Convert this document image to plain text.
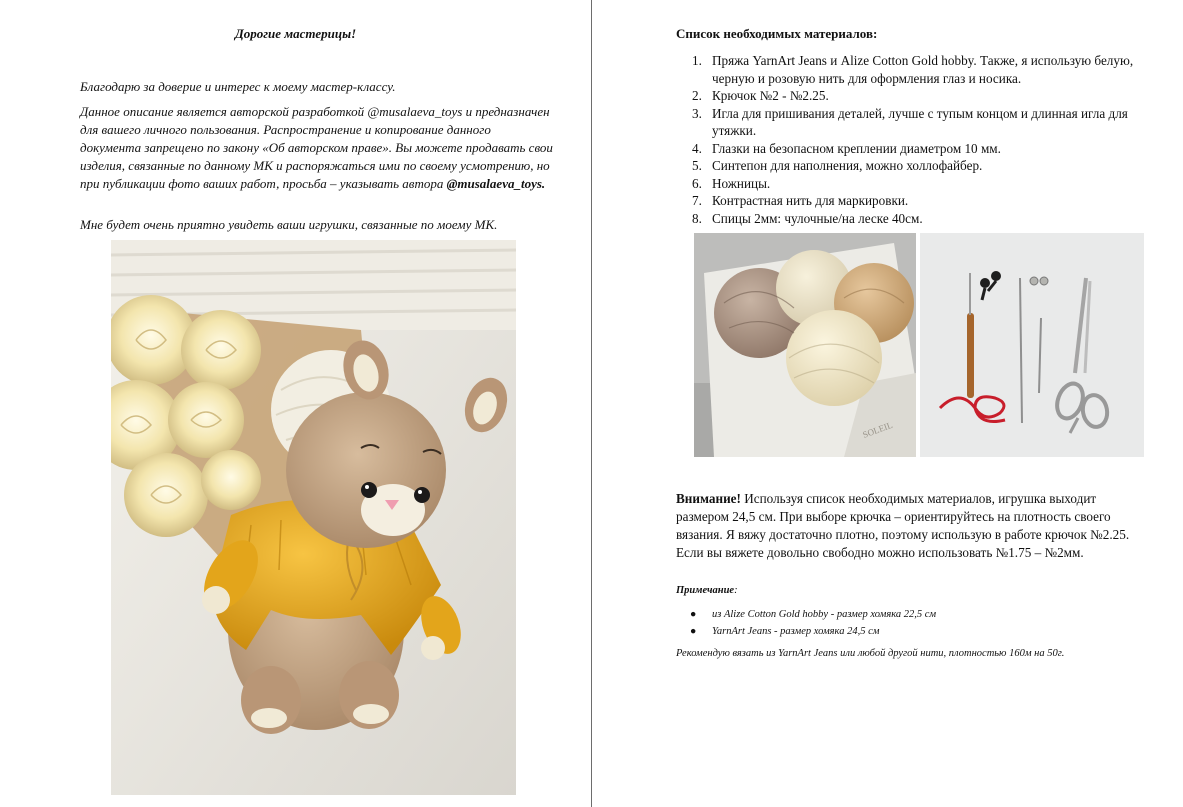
Дорогие мастерицы!

Благодарю за доверие и интерес к моему мастер-классу.

Данное описание является авторской разработкой @musalaeva_toys и предназначен для вашего личного пользования. Распространение и копирование данного документа запрещено по закону «Об авторском праве». Вы можете продавать свои изделия, связанные по данному МК и распоряжаться ими по своему усмотрению, но при публикации фото ваших работ, просьба – указывать автора @musalaeva_toys.

Мне будет очень приятно увидеть ваши игрушки, связанные по моему МК.

Список необходимых материалов:
1. Пряжа YarnArt Jeans и Alize Cotton Gold hobby. Также, я использую белую, черную и розовую нить для оформления глаз и носика.
2. Крючок №2 - №2.25.
3. Игла для пришивания деталей, лучше с тупым концом и длинная игла для утяжки.
4. Глазки на безопасном креплении диаметром 10 мм.
5. Синтепон для наполнения, можно холлофайбер.
6. Ножницы.
7. Контрастная нить для маркировки.
8. Спицы 2мм: чулочные/на леске 40см.
SOLEIL

Внимание! Используя список необходимых материалов, игрушка выходит размером 24,5 см. При выборе крючка – ориентируйтесь на плотность своего вязания. Я вяжу достаточно плотно, поэтому использую в работе крючок №2.25. Если вы вяжете довольно свободно можно использовать №1.75 – №2мм.

Примечание:
● из Alize Cotton Gold hobby - размер хомяка 22,5 см
● YarnArt Jeans - размер хомяка 24,5 см
Рекомендую вязать из YarnArt Jeans или любой другой нити, плотностью 160м на 50г.
